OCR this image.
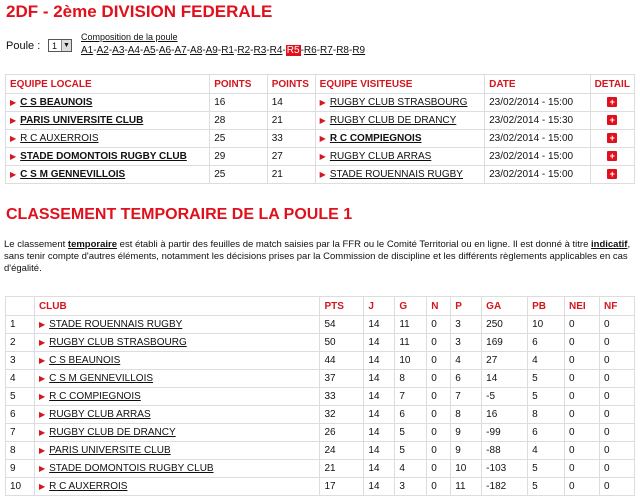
2DF - 2ème DIVISION FEDERALE
Poule :	1 ▼
Composition de la poule
A1 - A2 - A3 - A4 - A5 - A6 - A7 - A8 - A9 - R1 - R2 - R3 - R4 - R5 - R6 - R7 - R8 - R9
EQUIPE LOCALE	POINTS	POINTS	EQUIPE VISITEUSE	DATE	DETAIL
▶ C S BEAUNOIS	16	14	▶ RUGBY CLUB STRASBOURG	23/02/2014 - 15:00	+
▶ PARIS UNIVERSITE CLUB	28	21	▶ RUGBY CLUB DE DRANCY	23/02/2014 - 15:30	+
▶ R C AUXERROIS	25	33	▶ R C COMPIEGNOIS	23/02/2014 - 15:00	+
▶ STADE DOMONTOIS RUGBY CLUB	29	27	▶ RUGBY CLUB ARRAS	23/02/2014 - 15:00	+
▶ C S M GENNEVILLOIS	25	21	▶ STADE ROUENNAIS RUGBY	23/02/2014 - 15:00	+
CLASSEMENT TEMPORAIRE DE LA POULE 1
Le classement temporaire est établi à partir des feuilles de match saisies par la FFR ou le Comité Territorial ou en ligne. Il est donné à titre indicatif, sans tenir compte d'autres éléments, notamment les décisions prises par la Commission de discipline et les différents règlements applicables en cas d'égalité.
	CLUB	PTS	J	G	N	P	GA	PB	NEI	NF
1	▶ STADE ROUENNAIS RUGBY	54	14	11	0	3	250	10	0	0
2	▶ RUGBY CLUB STRASBOURG	50	14	11	0	3	169	6	0	0
3	▶ C S BEAUNOIS	44	14	10	0	4	27	4	0	0
4	▶ C S M GENNEVILLOIS	37	14	8	0	6	14	5	0	0
5	▶ R C COMPIEGNOIS	33	14	7	0	7	-5	5	0	0
6	▶ RUGBY CLUB ARRAS	32	14	6	0	8	16	8	0	0
7	▶ RUGBY CLUB DE DRANCY	26	14	5	0	9	-99	6	0	0
8	▶ PARIS UNIVERSITE CLUB	24	14	5	0	9	-88	4	0	0
9	▶ STADE DOMONTOIS RUGBY CLUB	21	14	4	0	10	-103	5	0	0
10	▶ R C AUXERROIS	17	14	3	0	11	-182	5	0	0
